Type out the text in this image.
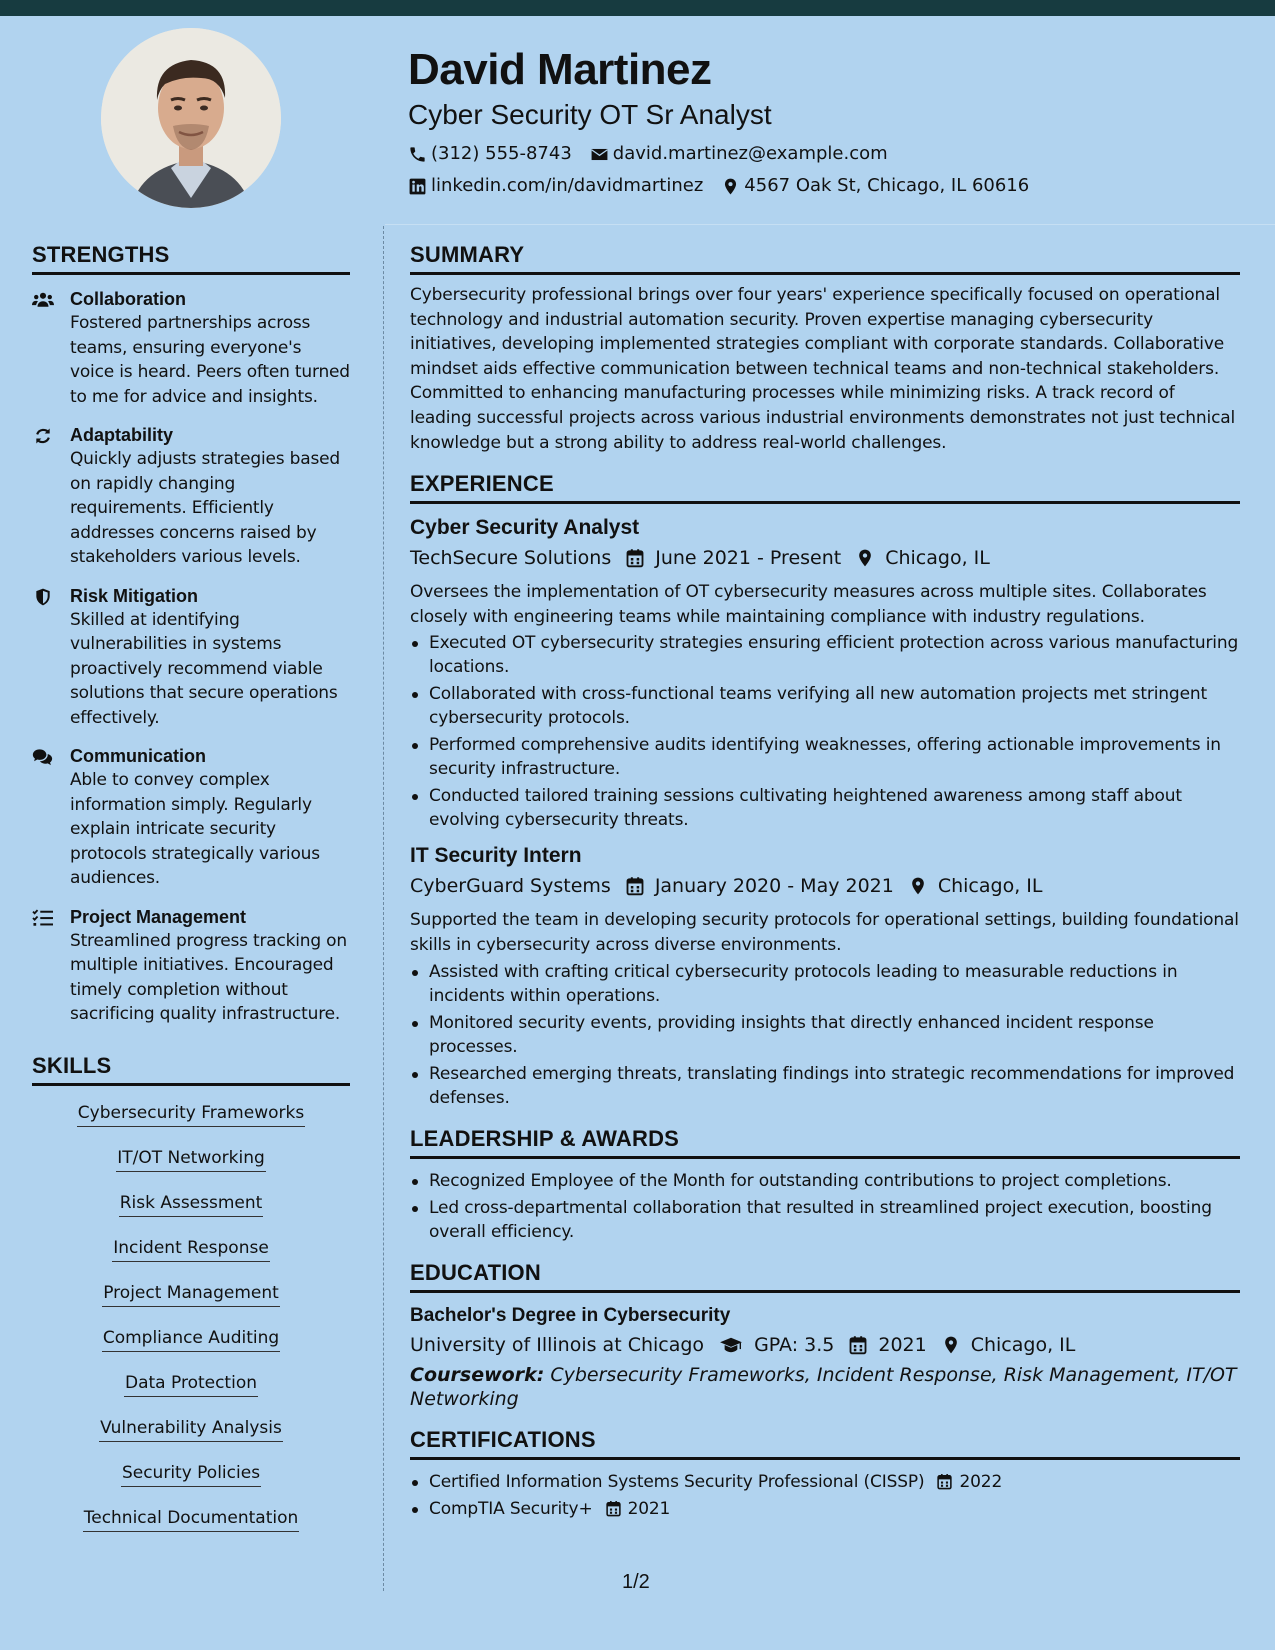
David Martinez
Cyber Security OT Sr Analyst
(312) 555-8743 david.martinez@example.com
linkedin.com/in/davidmartinez 4567 Oak St, Chicago, IL 60616
STRENGTHS
Collaboration
Fostered partnerships across teams, ensuring everyone's voice is heard. Peers often turned to me for advice and insights.
Adaptability
Quickly adjusts strategies based on rapidly changing requirements. Efficiently addresses concerns raised by stakeholders various levels.
Risk Mitigation
Skilled at identifying vulnerabilities in systems proactively recommend viable solutions that secure operations effectively.
Communication
Able to convey complex information simply. Regularly explain intricate security protocols strategically various audiences.
Project Management
Streamlined progress tracking on multiple initiatives. Encouraged timely completion without sacrificing quality infrastructure.
SKILLS
Cybersecurity Frameworks
IT/OT Networking
Risk Assessment
Incident Response
Project Management
Compliance Auditing
Data Protection
Vulnerability Analysis
Security Policies
Technical Documentation
SUMMARY
Cybersecurity professional brings over four years' experience specifically focused on operational technology and industrial automation security. Proven expertise managing cybersecurity initiatives, developing implemented strategies compliant with corporate standards. Collaborative mindset aids effective communication between technical teams and non-technical stakeholders. Committed to enhancing manufacturing processes while minimizing risks. A track record of leading successful projects across various industrial environments demonstrates not just technical knowledge but a strong ability to address real-world challenges.
EXPERIENCE
Cyber Security Analyst
TechSecure Solutions June 2021 - Present Chicago, IL
Oversees the implementation of OT cybersecurity measures across multiple sites. Collaborates closely with engineering teams while maintaining compliance with industry regulations.
Executed OT cybersecurity strategies ensuring efficient protection across various manufacturing locations.
Collaborated with cross-functional teams verifying all new automation projects met stringent cybersecurity protocols.
Performed comprehensive audits identifying weaknesses, offering actionable improvements in security infrastructure.
Conducted tailored training sessions cultivating heightened awareness among staff about evolving cybersecurity threats.
IT Security Intern
CyberGuard Systems January 2020 - May 2021 Chicago, IL
Supported the team in developing security protocols for operational settings, building foundational skills in cybersecurity across diverse environments.
Assisted with crafting critical cybersecurity protocols leading to measurable reductions in incidents within operations.
Monitored security events, providing insights that directly enhanced incident response processes.
Researched emerging threats, translating findings into strategic recommendations for improved defenses.
LEADERSHIP & AWARDS
Recognized Employee of the Month for outstanding contributions to project completions.
Led cross-departmental collaboration that resulted in streamlined project execution, boosting overall efficiency.
EDUCATION
Bachelor's Degree in Cybersecurity
University of Illinois at Chicago	GPA: 3.5 2021 Chicago, IL
Coursework: Cybersecurity Frameworks, Incident Response, Risk Management, IT/OT Networking
CERTIFICATIONS
Certified Information Systems Security Professional (CISSP) 2022
CompTIA Security+ 2021
1/2
